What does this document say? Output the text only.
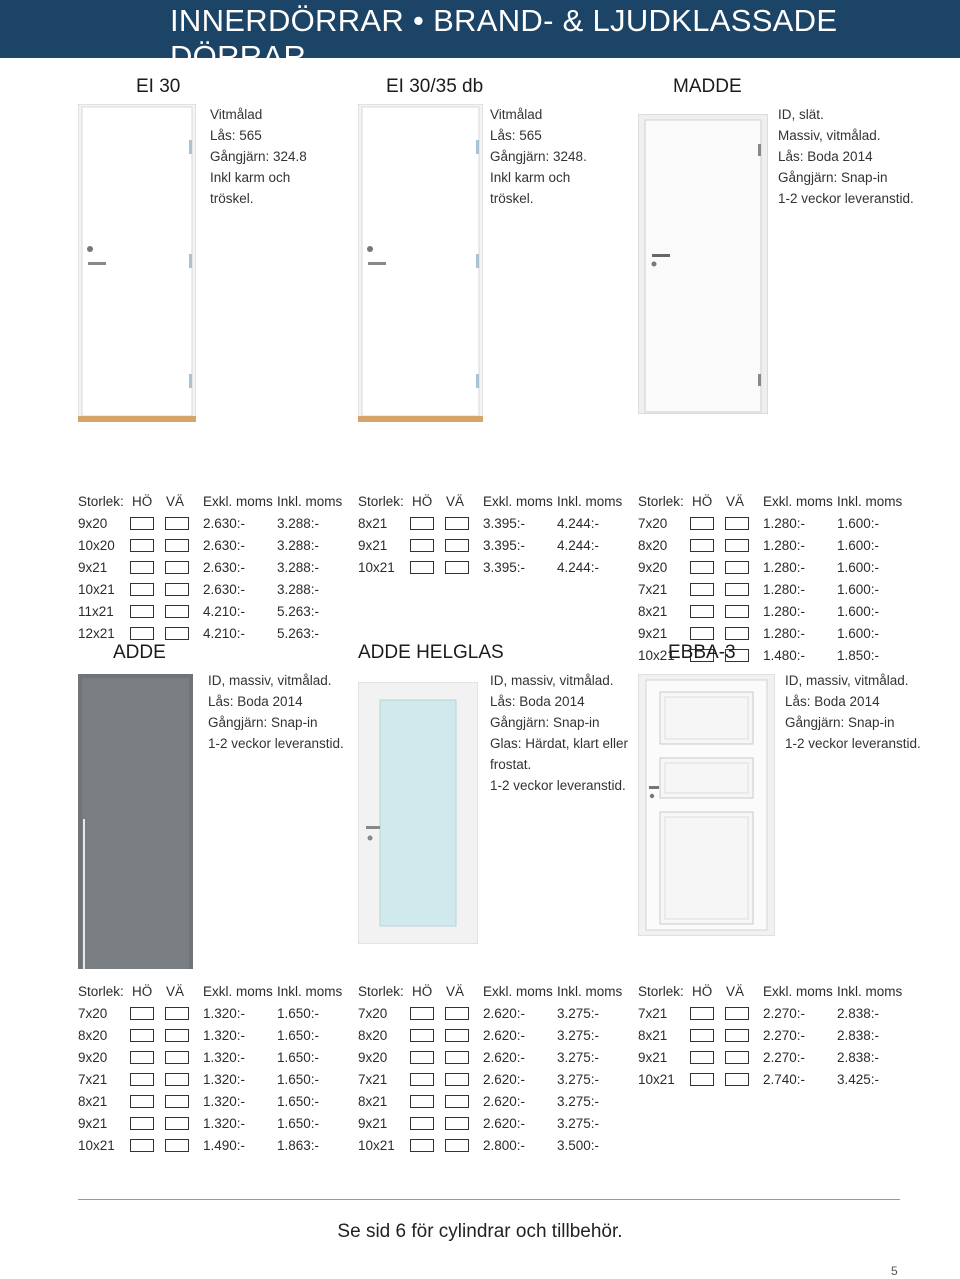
INNERDÖRRAR • BRAND- & LJUDKLASSADE DÖRRAR
EI 30
Vitmålad
Lås: 565
Gångjärn: 324.8
Inkl karm och
tröskel.
Storlek: HÖ VÄ Exkl. moms Inkl. moms
9x20	2.630:- 3.288:-
10x20	2.630:- 3.288:-
9x21	2.630:- 3.288:-
10x21	2.630:- 3.288:-
11x21	4.210:- 5.263:-
12x21	4.210:- 5.263:-
EI 30/35 db
Vitmålad
Lås: 565
Gångjärn: 3248.
Inkl karm och
tröskel.
Storlek: HÖ VÄ Exkl. moms Inkl. moms
8x21	3.395:- 4.244:-
9x21	3.395:- 4.244:-
10x21	3.395:- 4.244:-
MADDE
ID, slät.
Massiv, vitmålad.
Lås: Boda 2014
Gångjärn: Snap-in
1-2 veckor leveranstid.
Storlek: HÖ VÄ Exkl. moms Inkl. moms
7x20	1.280:- 1.600:-
8x20	1.280:- 1.600:-
9x20	1.280:- 1.600:-
7x21	1.280:- 1.600:-
8x21	1.280:- 1.600:-
9x21	1.280:- 1.600:-
10x21	1.480:- 1.850:-
ADDE
ID, massiv, vitmålad.
Lås: Boda 2014
Gångjärn: Snap-in
1-2 veckor leveranstid.
Storlek: HÖ VÄ Exkl. moms Inkl. moms
7x20	1.320:- 1.650:-
8x20	1.320:- 1.650:-
9x20	1.320:- 1.650:-
7x21	1.320:- 1.650:-
8x21	1.320:- 1.650:-
9x21	1.320:- 1.650:-
10x21	1.490:- 1.863:-
ADDE HELGLAS
ID, massiv, vitmålad.
Lås: Boda 2014
Gångjärn: Snap-in
Glas: Härdat, klart eller
frostat.
1-2 veckor leveranstid.
Storlek: HÖ VÄ Exkl. moms Inkl. moms
7x20	2.620:- 3.275:-
8x20	2.620:- 3.275:-
9x20	2.620:- 3.275:-
7x21	2.620:- 3.275:-
8x21	2.620:- 3.275:-
9x21	2.620:- 3.275:-
10x21	2.800:- 3.500:-
EBBA-3
ID, massiv, vitmålad.
Lås: Boda 2014
Gångjärn: Snap-in
1-2 veckor leveranstid.
Storlek: HÖ VÄ Exkl. moms Inkl. moms
7x21	2.270:- 2.838:-
8x21	2.270:- 2.838:-
9x21	2.270:- 2.838:-
10x21	2.740:- 3.425:-
Se sid 6 för cylindrar och tillbehör.
5
